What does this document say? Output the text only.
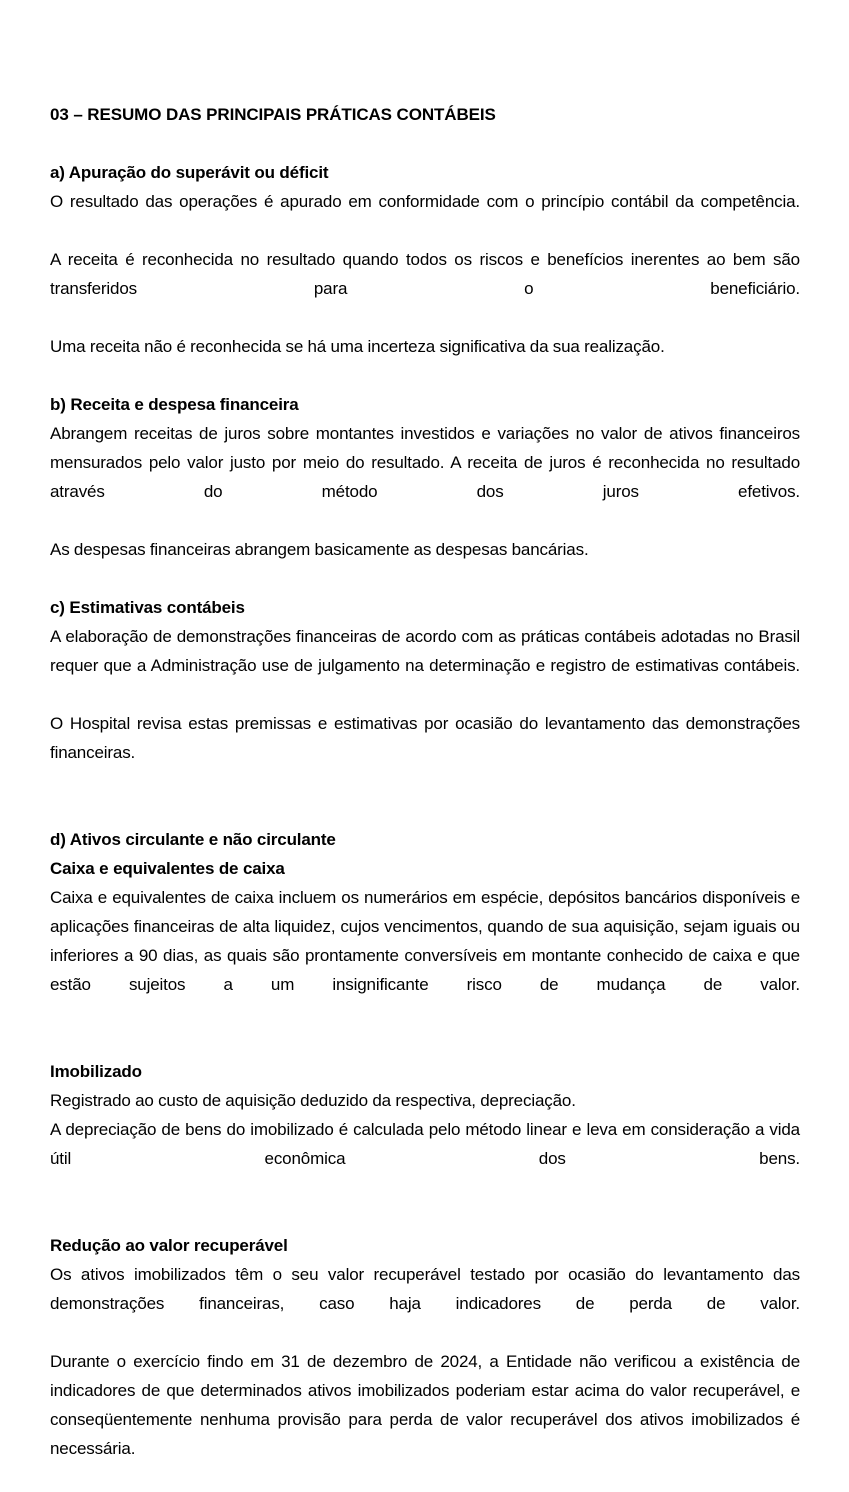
03 – RESUMO DAS PRINCIPAIS PRÁTICAS CONTÁBEIS
a) Apuração do superávit ou déficit

O resultado das operações é apurado em conformidade com o princípio contábil da competência.

A receita é reconhecida no resultado quando todos os riscos e benefícios inerentes ao bem são transferidos para o beneficiário.

Uma receita não é reconhecida se há uma incerteza significativa da sua realização.

b) Receita e despesa financeira

Abrangem receitas de juros sobre montantes investidos e variações no valor de ativos financeiros mensurados pelo valor justo por meio do resultado. A receita de juros é reconhecida no resultado através do método dos juros efetivos.

As despesas financeiras abrangem basicamente as despesas bancárias.

c) Estimativas contábeis

A elaboração de demonstrações financeiras de acordo com as práticas contábeis adotadas no Brasil requer que a Administração use de julgamento na determinação e registro de estimativas contábeis.

O Hospital revisa estas premissas e estimativas por ocasião do levantamento das demonstrações financeiras.

d) Ativos circulante e não circulante
Caixa e equivalentes de caixa

Caixa e equivalentes de caixa incluem os numerários em espécie, depósitos bancários disponíveis e aplicações financeiras de alta liquidez, cujos vencimentos, quando de sua aquisição, sejam iguais ou inferiores a 90 dias, as quais são prontamente conversíveis em montante conhecido de caixa e que estão sujeitos a um insignificante risco de mudança de valor.

Imobilizado

Registrado ao custo de aquisição deduzido da respectiva, depreciação.

A depreciação de bens do imobilizado é calculada pelo método linear e leva em consideração a vida útil econômica dos bens.

Redução ao valor recuperável

Os ativos imobilizados têm o seu valor recuperável testado por ocasião do levantamento das demonstrações financeiras, caso haja indicadores de perda de valor.

Durante o exercício findo em 31 de dezembro de 2024, a Entidade não verificou a existência de indicadores de que determinados ativos imobilizados poderiam estar acima do valor recuperável, e conseqüentemente nenhuma provisão para perda de valor recuperável dos ativos imobilizados é necessária.
